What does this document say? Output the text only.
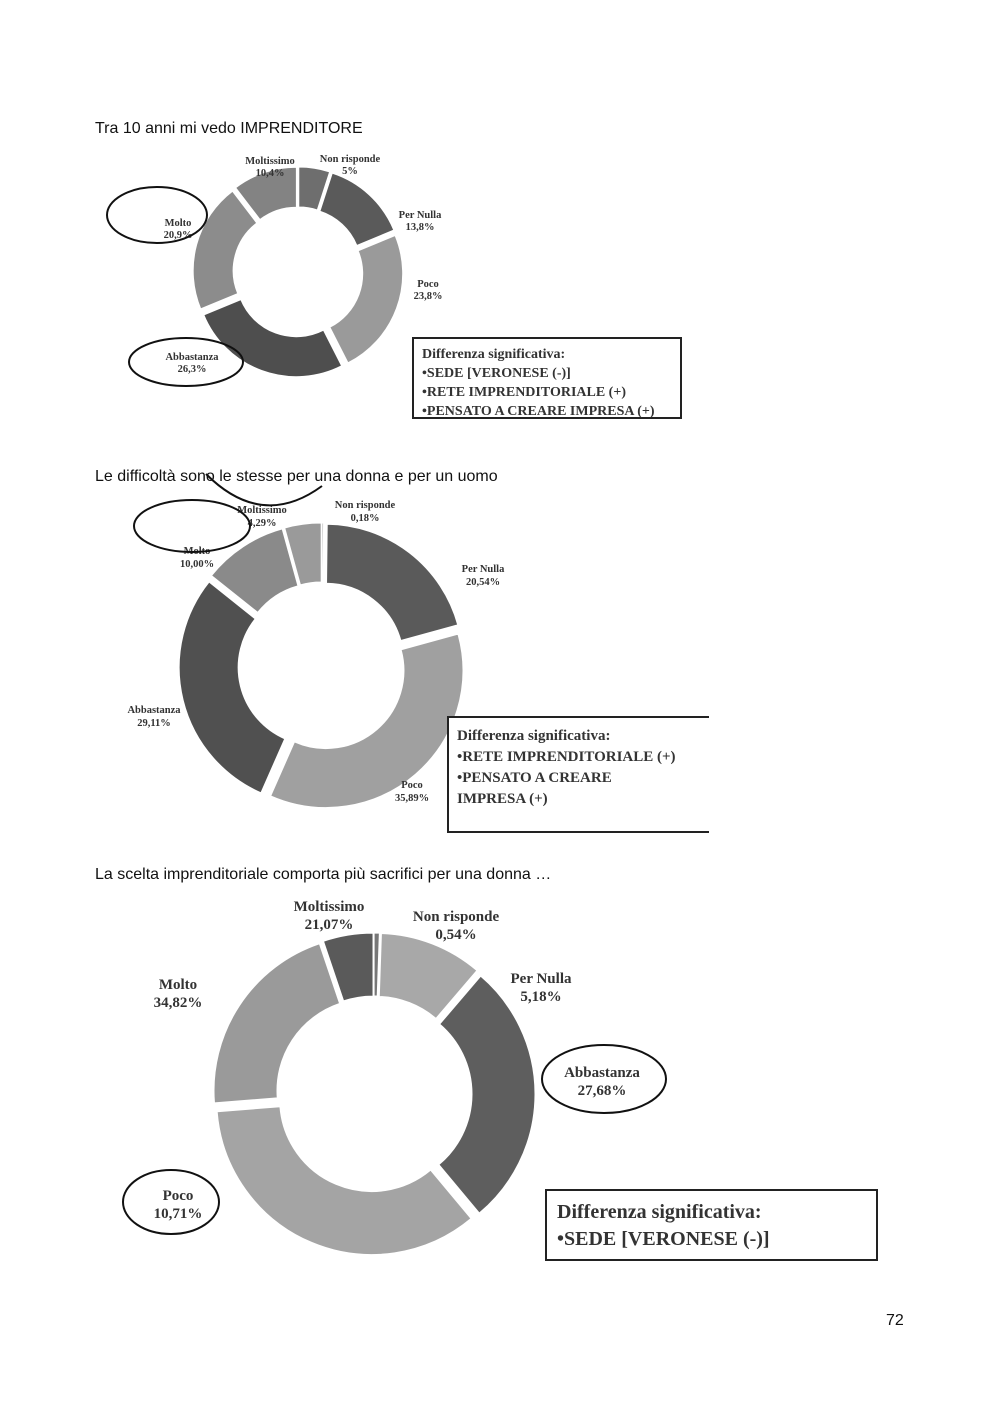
Tra 10 anni mi vedo IMPRENDITORE
Non risponde 5%
Per Nulla 13,8%
Poco 23,8%
Abbastanza 26,3%
Molto 20,9%
Moltissimo 10,4%
Differenza significativa:
•SEDE [VERONESE (-)]
•RETE IMPRENDITORIALE (+)
•PENSATO A CREARE IMPRESA (+)
Le difficoltà sono le stesse per una donna e per un uomo
Non risponde 0,18%
Per Nulla 20,54%
Poco 35,89%
Abbastanza 29,11%
Molto 10,00%
Moltissimo 4,29%
Differenza significativa:
•RETE IMPRENDITORIALE (+)
•PENSATO A CREARE
IMPRESA (+)
La scelta imprenditoriale comporta più sacrifici per una donna …
Non risponde 0,54%
Per Nulla 5,18%
Poco 10,71%
Abbastanza 27,68%
Molto 34,82%
Moltissimo 21,07%
Differenza significativa:
•SEDE [VERONESE (-)]
72
